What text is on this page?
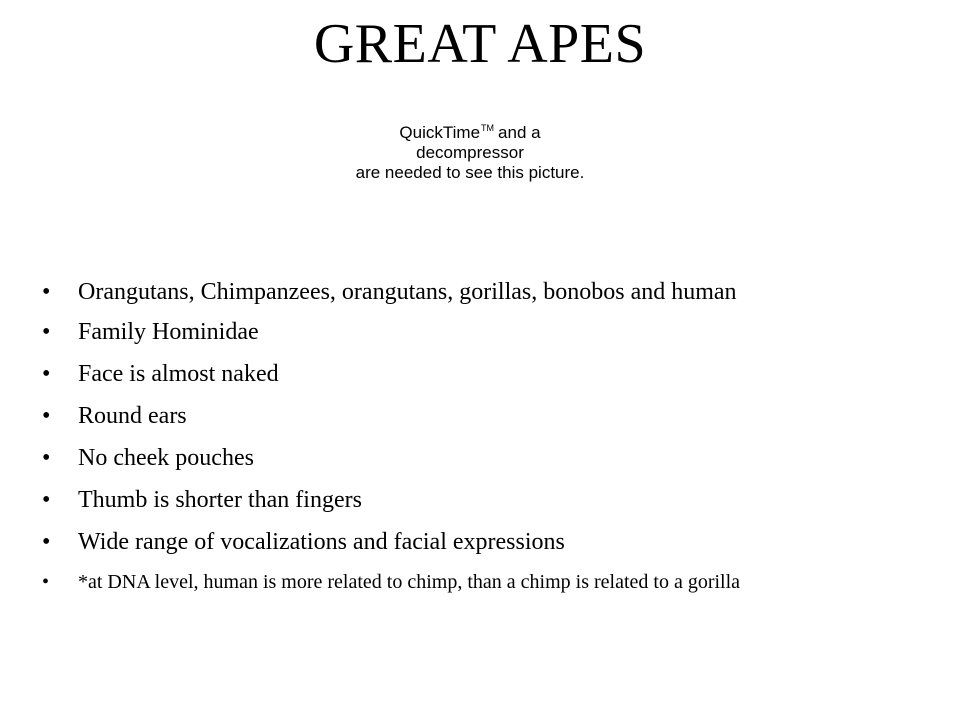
GREAT APES
QuickTime™ and a
decompressor
are needed to see this picture.
• Orangutans, Chimpanzees, orangutans, gorillas, bonobos and human
• Family Hominidae
• Face is almost naked
• Round ears
• No cheek pouches
• Thumb is shorter than fingers
• Wide range of vocalizations and facial expressions
• *at DNA level, human is more related to chimp, than a chimp is related to a gorilla
